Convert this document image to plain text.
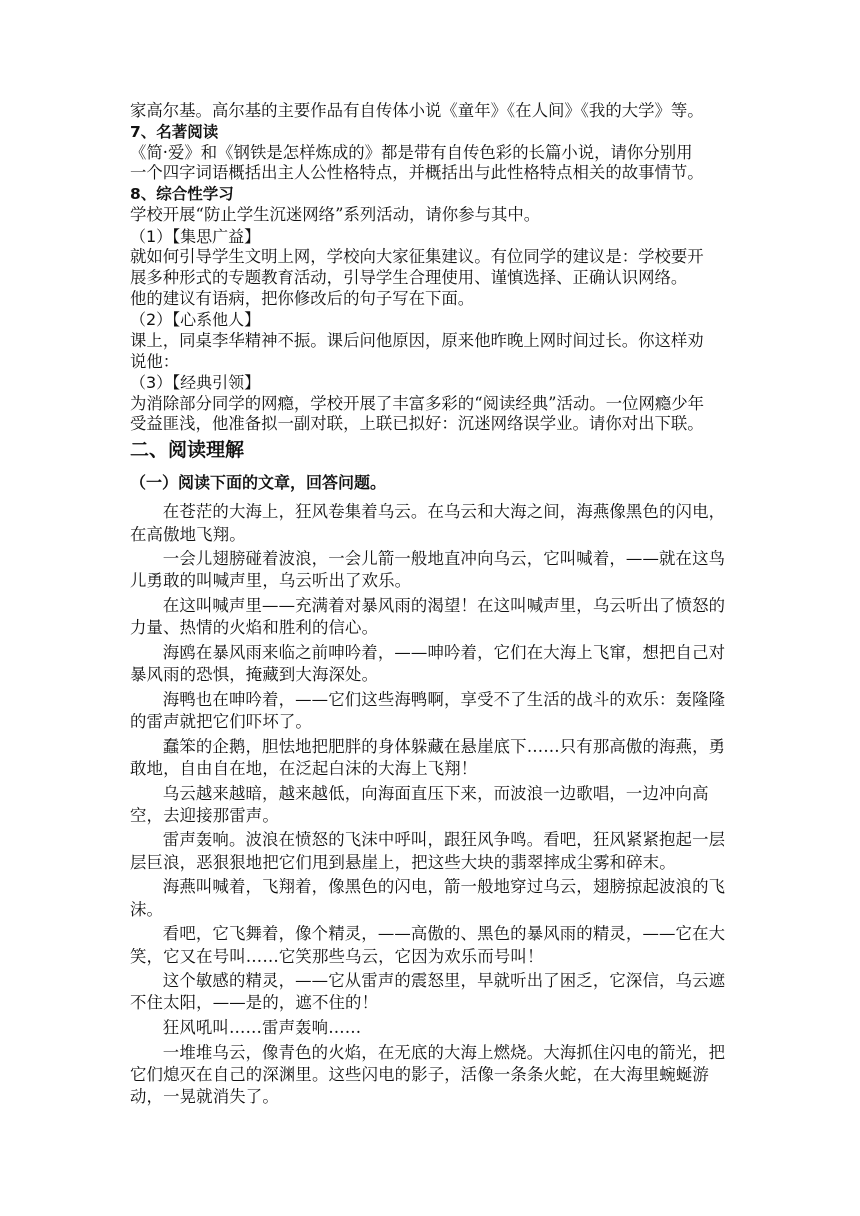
家高尔基。高尔基的主要作品有自传体小说《童年》《在人间》《我的大学》等。

7、名著阅读

《简·爱》和《钢铁是怎样炼成的》都是带有自传色彩的长篇小说，请你分别用

一个四字词语概括出主人公性格特点，并概括出与此性格特点相关的故事情节。

8、综合性学习

学校开展“防止学生沉迷网络”系列活动，请你参与其中。

（1）【集思广益】

就如何引导学生文明上网，学校向大家征集建议。有位同学的建议是：学校要开

展多种形式的专题教育活动，引导学生合理使用、谨慎选择、正确认识网络。

他的建议有语病，把你修改后的句子写在下面。

（2）【心系他人】

课上，同桌李华精神不振。课后问他原因，原来他昨晚上网时间过长。你这样劝

说他：

（3）【经典引领】

为消除部分同学的网瘾，学校开展了丰富多彩的“阅读经典”活动。一位网瘾少年

受益匪浅，他准备拟一副对联，上联已拟好：沉迷网络误学业。请你对出下联。

二、阅读理解

（一）阅读下面的文章，回答问题。

在苍茫的大海上，狂风卷集着乌云。在乌云和大海之间，海燕像黑色的闪电，在高傲地飞翔。

一会儿翅膀碰着波浪，一会儿箭一般地直冲向乌云，它叫喊着，——就在这鸟儿勇敢的叫喊声里，乌云听出了欢乐。

在这叫喊声里——充满着对暴风雨的渴望！在这叫喊声里，乌云听出了愤怒的力量、热情的火焰和胜利的信心。

海鸥在暴风雨来临之前呻吟着，——呻吟着，它们在大海上飞窜，想把自己对暴风雨的恐惧，掩藏到大海深处。

海鸭也在呻吟着，——它们这些海鸭啊，享受不了生活的战斗的欢乐：轰隆隆的雷声就把它们吓坏了。

蠢笨的企鹅，胆怯地把肥胖的身体躲藏在悬崖底下……只有那高傲的海燕，勇敢地，自由自在地，在泛起白沫的大海上飞翔！

乌云越来越暗，越来越低，向海面直压下来，而波浪一边歌唱，一边冲向高空，去迎接那雷声。

雷声轰响。波浪在愤怒的飞沫中呼叫，跟狂风争鸣。看吧，狂风紧紧抱起一层层巨浪，恶狠狠地把它们甩到悬崖上，把这些大块的翡翠摔成尘雾和碎末。

海燕叫喊着，飞翔着，像黑色的闪电，箭一般地穿过乌云，翅膀掠起波浪的飞沫。

看吧，它飞舞着，像个精灵，——高傲的、黑色的暴风雨的精灵，——它在大笑，它又在号叫……它笑那些乌云，它因为欢乐而号叫！

这个敏感的精灵，——它从雷声的震怒里，早就听出了困乏，它深信，乌云遮不住太阳，——是的，遮不住的！

狂风吼叫……雷声轰响……

一堆堆乌云，像青色的火焰，在无底的大海上燃烧。大海抓住闪电的箭光，把它们熄灭在自己的深渊里。这些闪电的影子，活像一条条火蛇，在大海里蜿蜒游动，一晃就消失了。
